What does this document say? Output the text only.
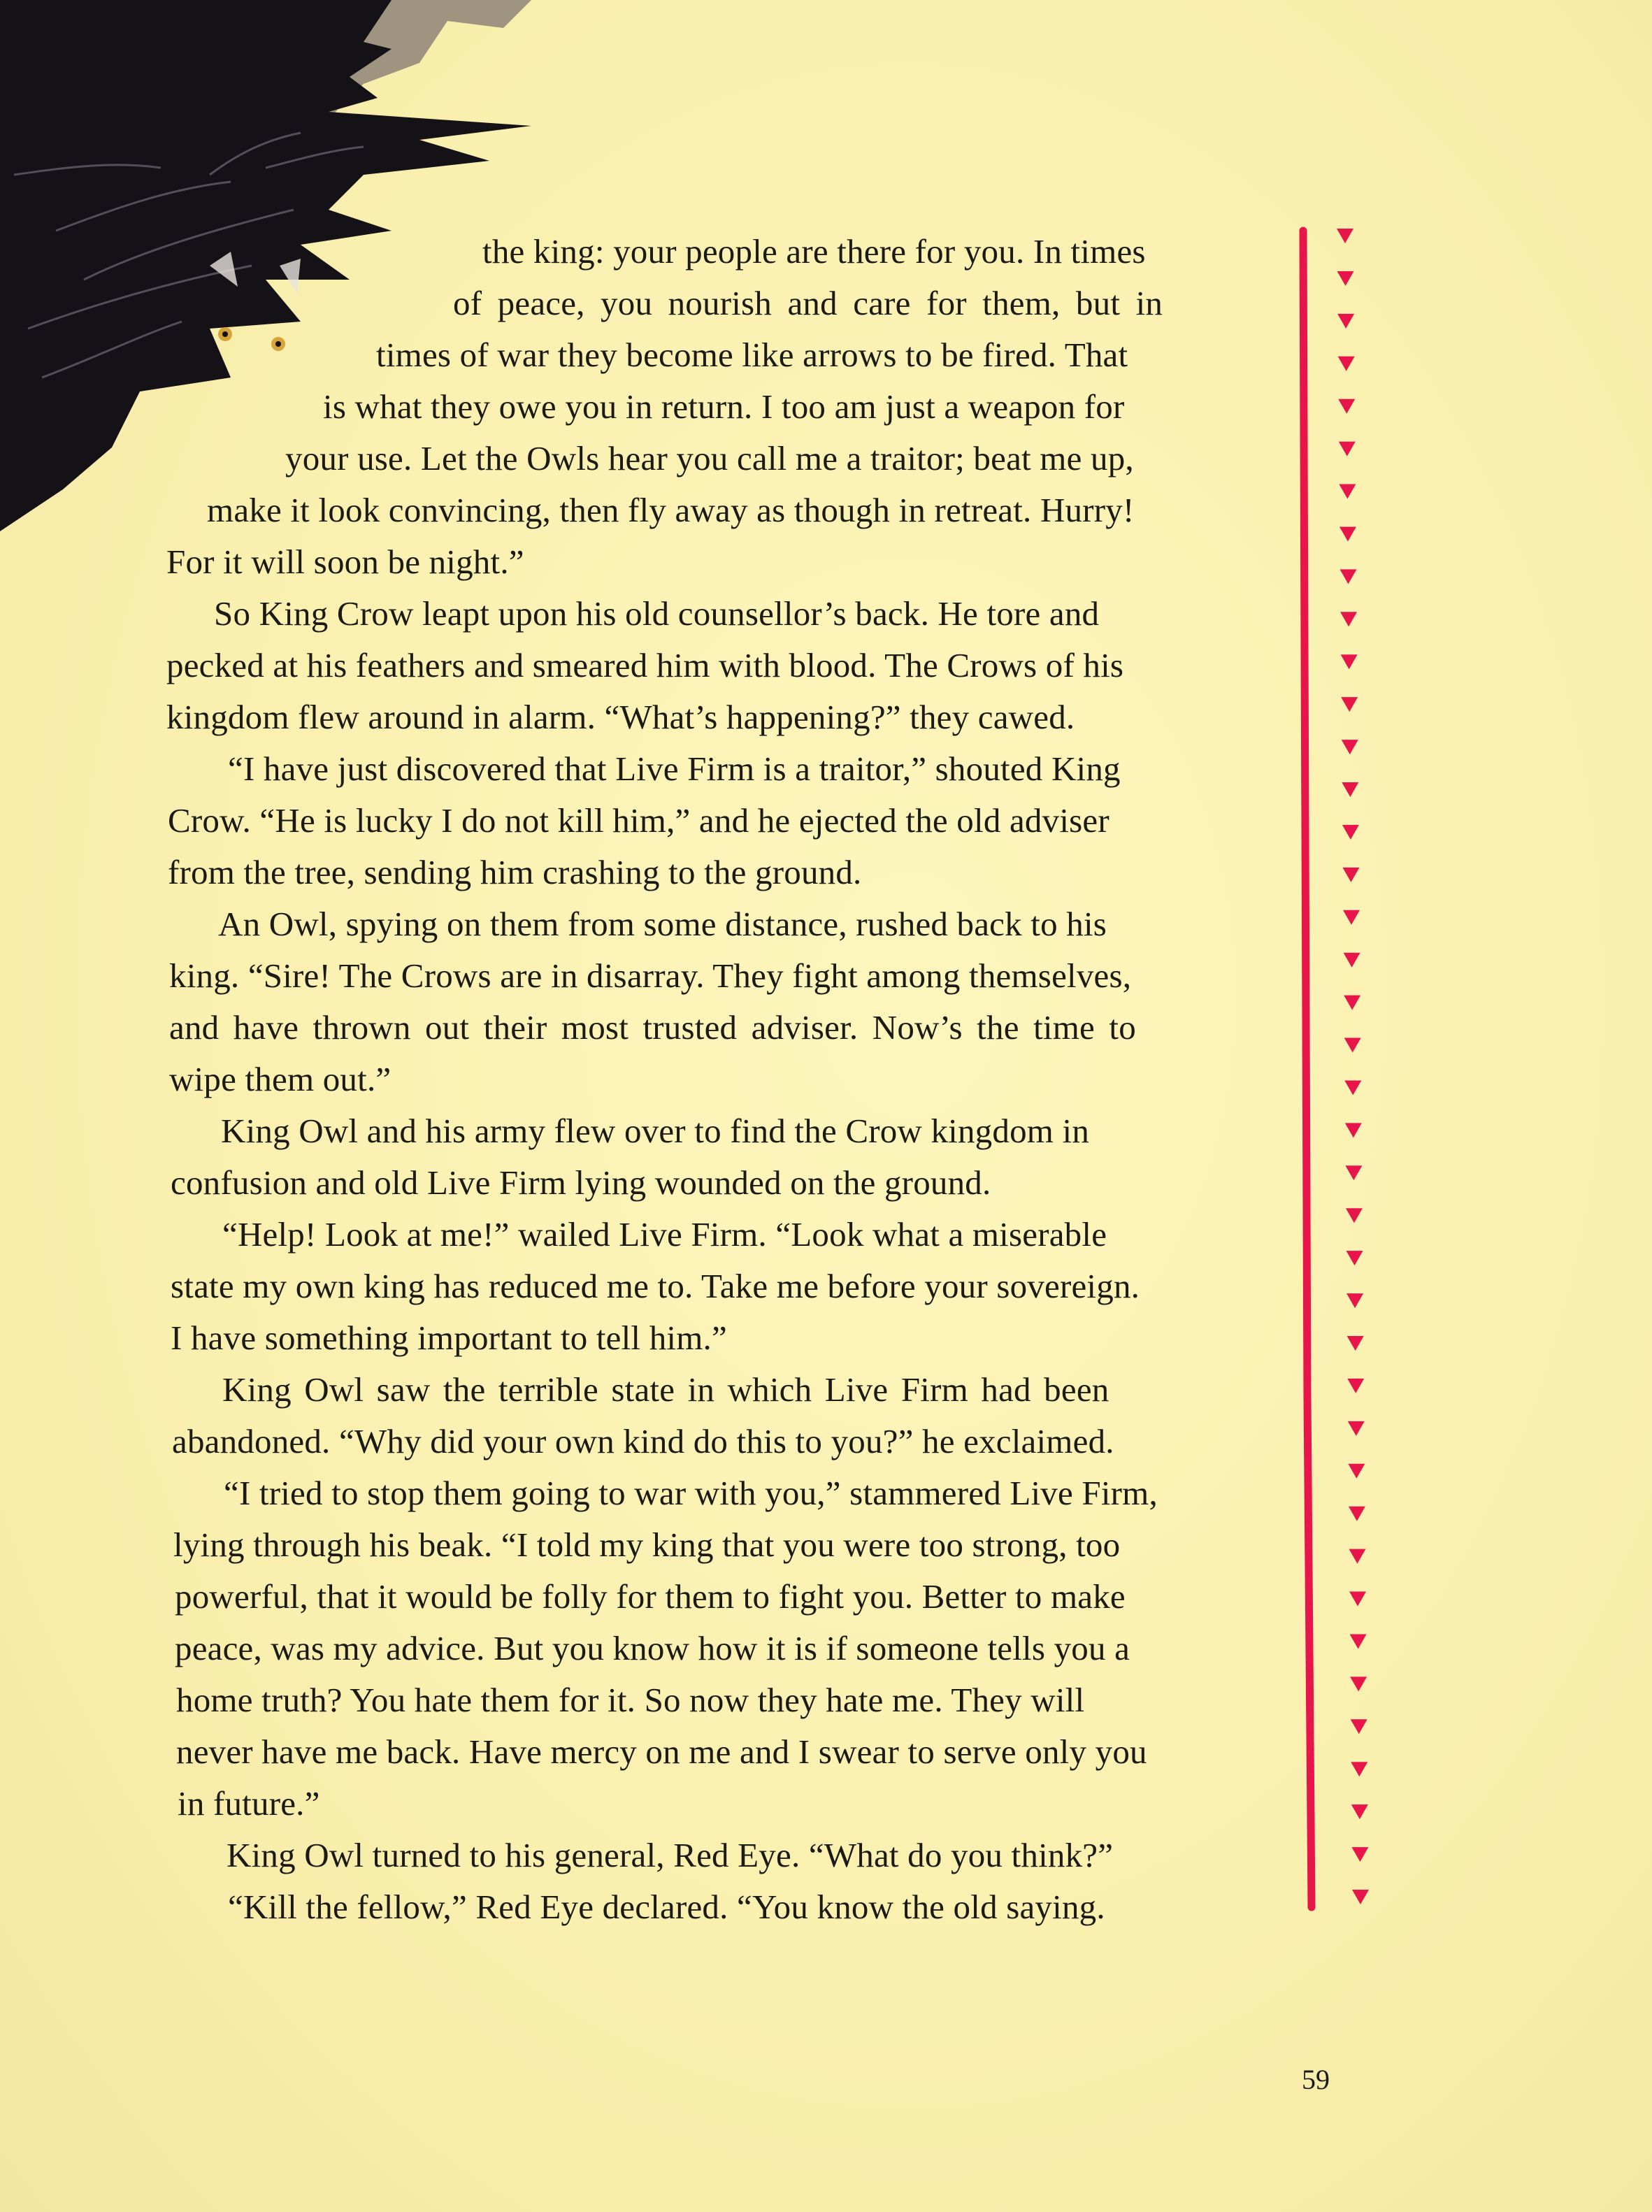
the king: your people are there for you. In times
of peace, you nourish and care for them, but in
times of war they become like arrows to be fired. That
is what they owe you in return. I too am just a weapon for
your use. Let the Owls hear you call me a traitor; beat me up,
make it look convincing, then fly away as though in retreat. Hurry!
For it will soon be night.”
So King Crow leapt upon his old counsellor’s back. He tore and
pecked at his feathers and smeared him with blood. The Crows of his
kingdom flew around in alarm. “What’s happening?” they cawed.
“I have just discovered that Live Firm is a traitor,” shouted King
Crow. “He is lucky I do not kill him,” and he ejected the old adviser
from the tree, sending him crashing to the ground.
An Owl, spying on them from some distance, rushed back to his
king. “Sire! The Crows are in disarray. They fight among themselves,
and have thrown out their most trusted adviser. Now’s the time to
wipe them out.”
King Owl and his army flew over to find the Crow kingdom in
confusion and old Live Firm lying wounded on the ground.
“Help! Look at me!” wailed Live Firm. “Look what a miserable
state my own king has reduced me to. Take me before your sovereign.
I have something important to tell him.”
King Owl saw the terrible state in which Live Firm had been
abandoned. “Why did your own kind do this to you?” he exclaimed.
“I tried to stop them going to war with you,” stammered Live Firm,
lying through his beak. “I told my king that you were too strong, too
powerful, that it would be folly for them to fight you. Better to make
peace, was my advice. But you know how it is if someone tells you a
home truth? You hate them for it. So now they hate me. They will
never have me back. Have mercy on me and I swear to serve only you
in future.”
King Owl turned to his general, Red Eye. “What do you think?”
“Kill the fellow,” Red Eye declared. “You know the old saying.
59
